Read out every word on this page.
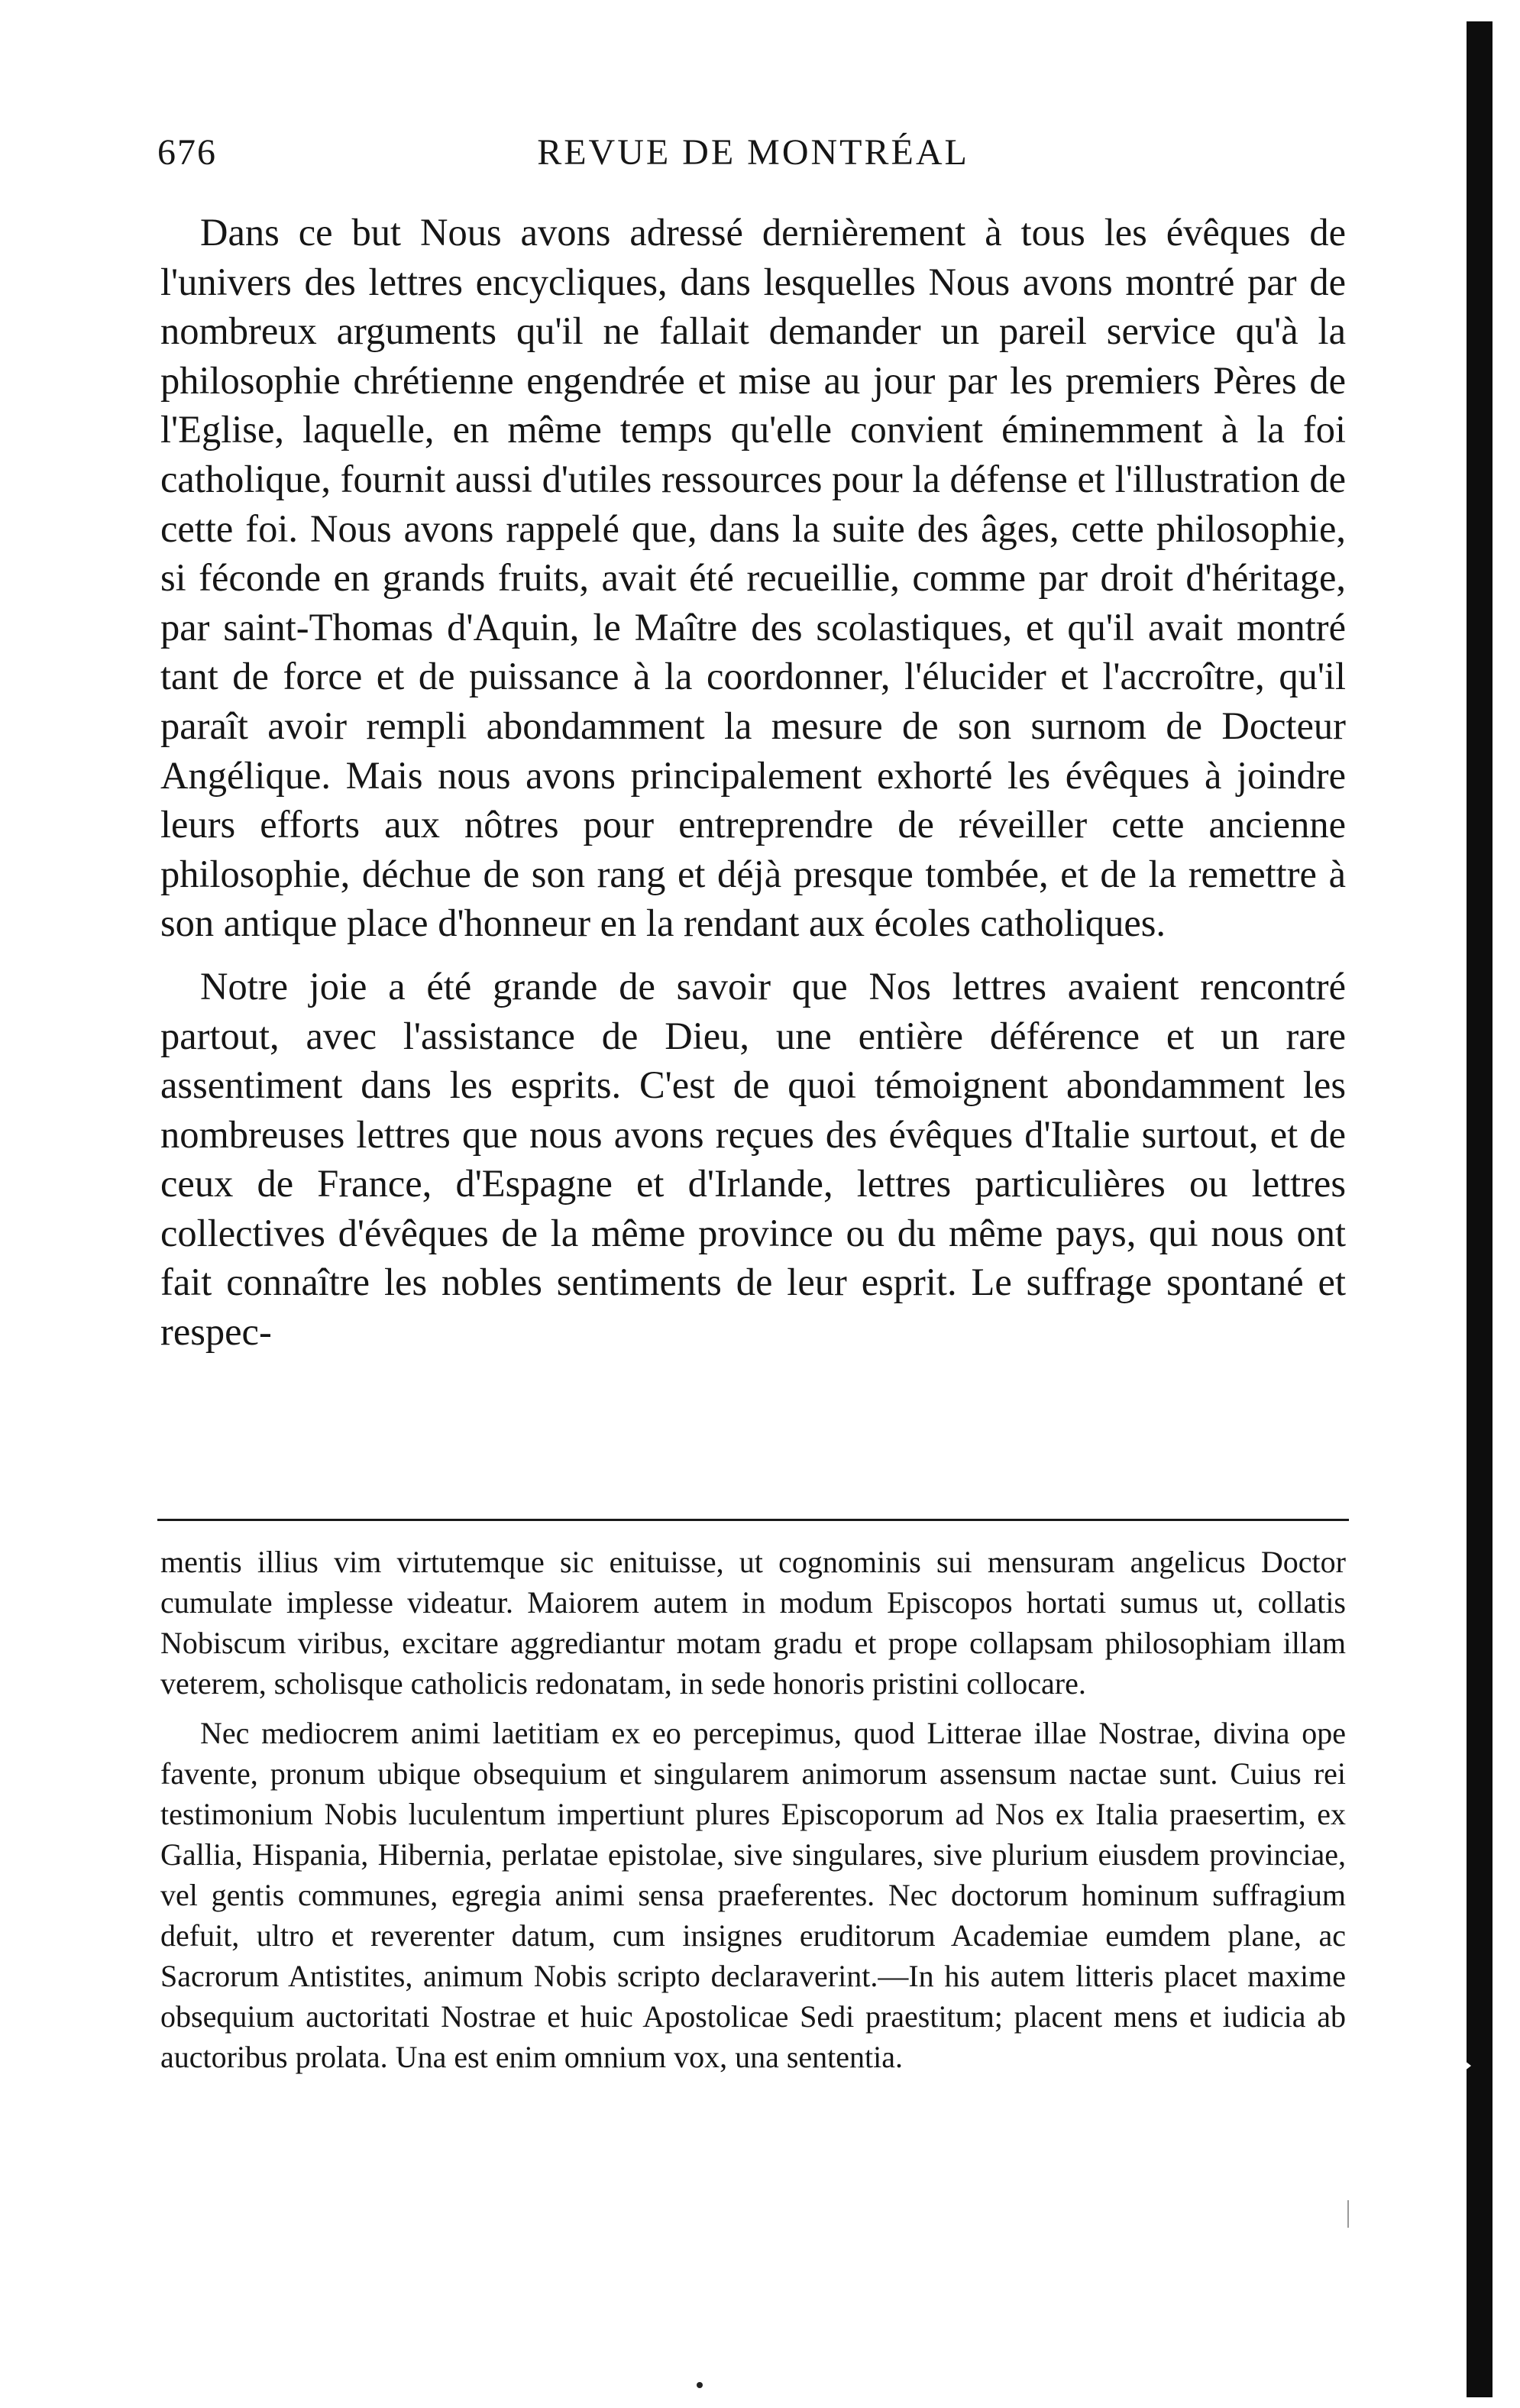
676	REVUE DE MONTRÉAL

Dans ce but Nous avons adressé dernièrement à tous les évêques de l'univers des lettres encycliques, dans lesquelles Nous avons montré par de nombreux arguments qu'il ne fallait demander un pareil service qu'à la philosophie chrétienne engendrée et mise au jour par les premiers Pères de l'Eglise, laquelle, en même temps qu'elle convient éminemment à la foi catholique, fournit aussi d'utiles ressources pour la défense et l'illustration de cette foi. Nous avons rappelé que, dans la suite des âges, cette philosophie, si féconde en grands fruits, avait été recueillie, comme par droit d'héritage, par saint-Thomas d'Aquin, le Maître des scolastiques, et qu'il avait montré tant de force et de puissance à la coordonner, l'élucider et l'accroître, qu'il paraît avoir rempli abondamment la mesure de son surnom de Docteur Angélique. Mais nous avons principalement exhorté les évêques à joindre leurs efforts aux nôtres pour entreprendre de réveiller cette ancienne philosophie, déchue de son rang et déjà presque tombée, et de la remettre à son antique place d'honneur en la rendant aux écoles catholiques.

Notre joie a été grande de savoir que Nos lettres avaient rencontré partout, avec l'assistance de Dieu, une entière déférence et un rare assentiment dans les esprits. C'est de quoi témoignent abondamment les nombreuses lettres que nous avons reçues des évêques d'Italie surtout, et de ceux de France, d'Espagne et d'Irlande, lettres particulières ou lettres collectives d'évêques de la même province ou du même pays, qui nous ont fait connaître les nobles sentiments de leur esprit. Le suffrage spontané et respec-

mentis illius vim virtutemque sic enituisse, ut cognominis sui mensuram angelicus Doctor cumulate implesse videatur. Maiorem autem in modum Episcopos hortati sumus ut, collatis Nobiscum viribus, excitare aggrediantur motam gradu et prope collapsam philosophiam illam veterem, scholisque catholicis redonatam, in sede honoris pristini collocare.

Nec mediocrem animi laetitiam ex eo percepimus, quod Litterae illae Nostrae, divina ope favente, pronum ubique obsequium et singularem animorum assensum nactae sunt. Cuius rei testimonium Nobis luculentum impertiunt plures Episcoporum ad Nos ex Italia praesertim, ex Gallia, Hispania, Hibernia, perlatae epistolae, sive singulares, sive plurium eiusdem provinciae, vel gentis communes, egregia animi sensa praeferentes. Nec doctorum hominum suffragium defuit, ultro et reverenter datum, cum insignes eruditorum Academiae eumdem plane, ac Sacrorum Antistites, animum Nobis scripto declaraverint.—In his autem litteris placet maxime obsequium auctoritati Nostrae et huic Apostolicae Sedi praestitum; placent mens et iudicia ab auctoribus prolata. Una est enim omnium vox, una sententia.
